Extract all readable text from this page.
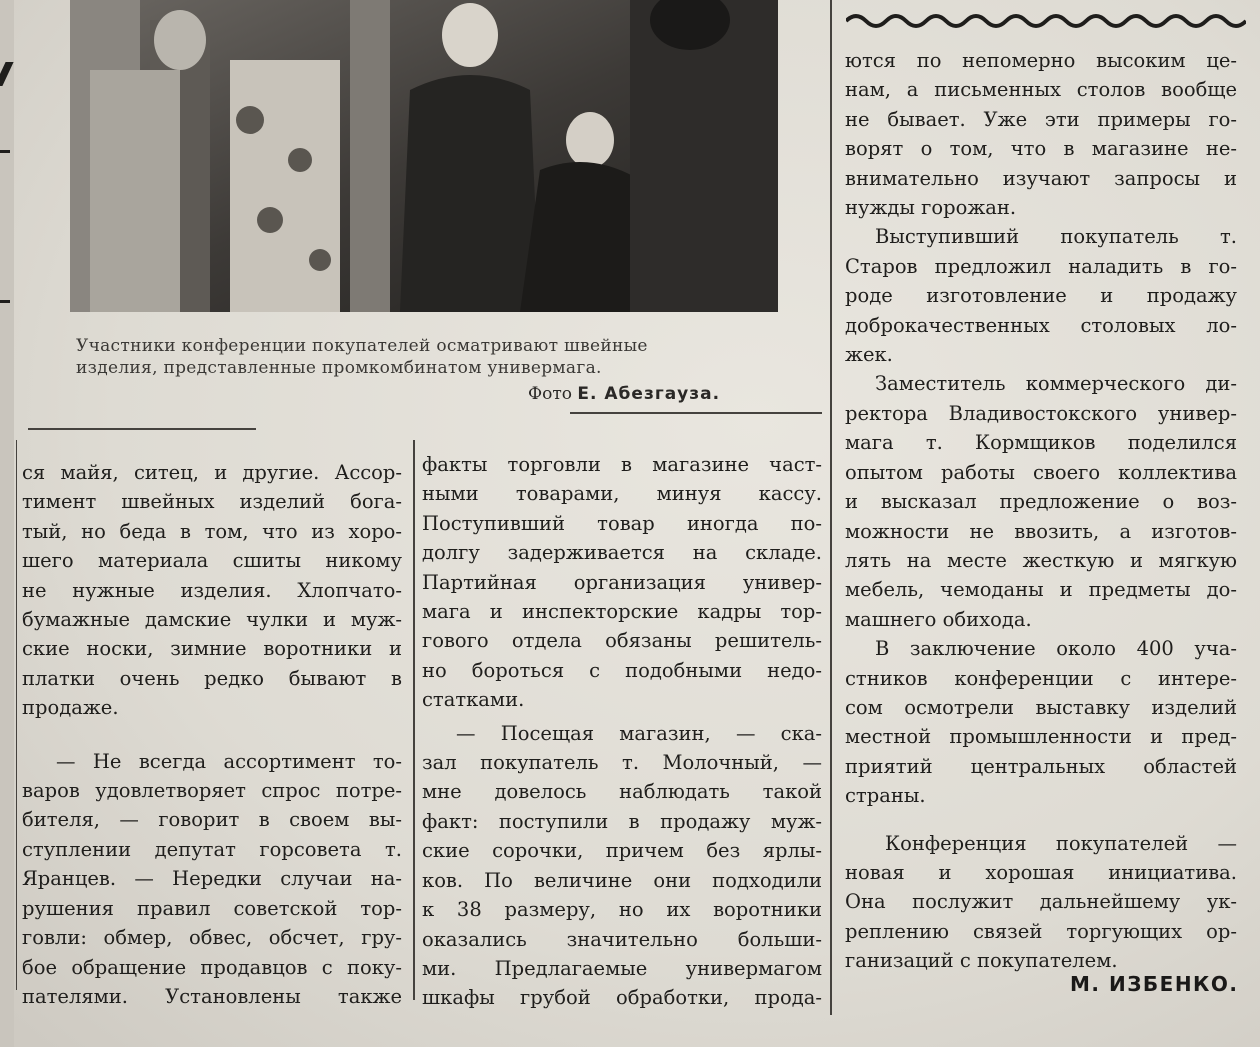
Участники конференции покупателей осматривают швейные
изделия, представленные промкомбинатом универмага.
Фото Е. Абезгауза.

ся майя, ситец, и другие. Ассор-
тимент швейных изделий бога-
тый, но беда в том, что из хоро-
шего материала сшиты никому
не нужные изделия. Хлопчато-
бумажные дамские чулки и муж-
ские носки, зимние воротники и
платки очень редко бывают в
продаже.

— Не всегда ассортимент то-
варов удовлетворяет спрос потре-
бителя, — говорит в своем вы-
ступлении депутат горсовета т.
Яранцев. — Нередки случаи на-
рушения правил советской тор-
говли: обмер, обвес, обсчет, гру-
бое обращение продавцов с поку-
пателями. Установлены также

факты торговли в магазине част-
ными товарами, минуя кассу.
Поступивший товар иногда по-
долгу задерживается на складе.
Партийная организация универ-
мага и инспекторские кадры тор-
гового отдела обязаны решитель-
но бороться с подобными недо-
статками.

— Посещая магазин, — ска-
зал покупатель т. Молочный, —
мне довелось наблюдать такой
факт: поступили в продажу муж-
ские сорочки, причем без ярлы-
ков. По величине они подходили
к 38 размеру, но их воротники
оказались значительно больши-
ми. Предлагаемые универмагом
шкафы грубой обработки, прода-

ются по непомерно высоким це-
нам, а письменных столов вообще
не бывает. Уже эти примеры го-
ворят о том, что в магазине не-
внимательно изучают запросы и
нужды горожан.

Выступивший покупатель т.
Старов предложил наладить в го-
роде изготовление и продажу
доброкачественных столовых ло-
жек.

Заместитель коммерческого ди-
ректора Владивостокского универ-
мага т. Кормщиков поделился
опытом работы своего коллектива
и высказал предложение о воз-
можности не ввозить, а изготов-
лять на месте жесткую и мягкую
мебель, чемоданы и предметы до-
машнего обихода.

В заключение около 400 уча-
стников конференции с интере-
сом осмотрели выставку изделий
местной промышленности и пред-
приятий центральных областей
страны.

Конференция покупателей —
новая и хорошая инициатива.
Она послужит дальнейшему ук-
реплению связей торгующих ор-
ганизаций с покупателем.

М. ИЗБЕНКО.
